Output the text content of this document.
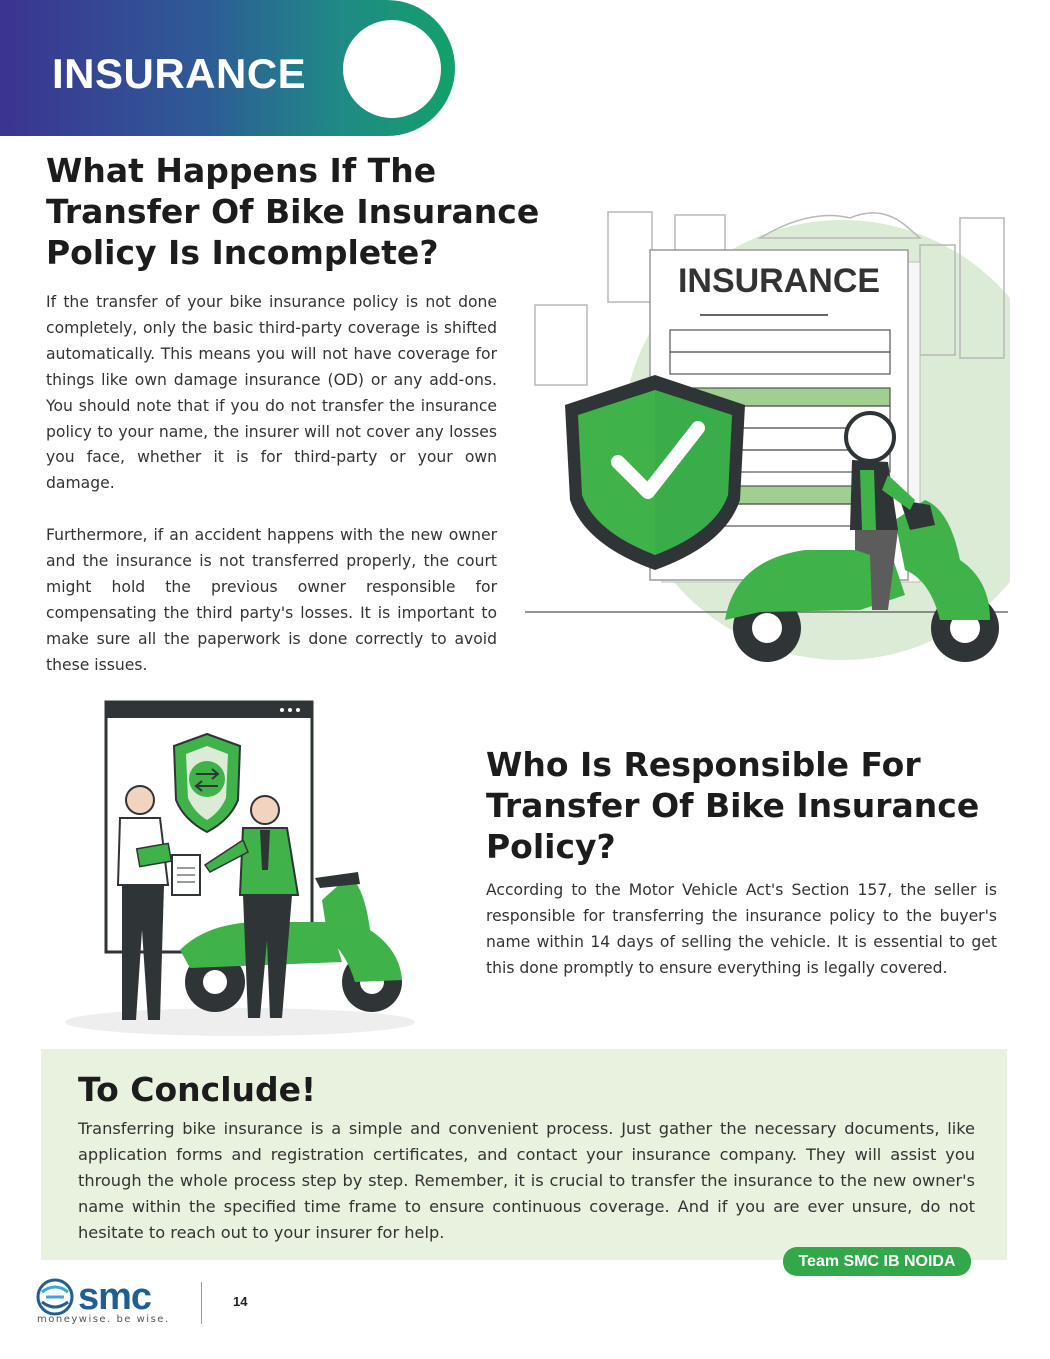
INSURANCE
What Happens If The Transfer Of Bike Insurance Policy Is Incomplete?

If the transfer of your bike insurance policy is not done completely, only the basic third-party coverage is shifted automatically. This means you will not have coverage for things like own damage insurance (OD) or any add-ons. You should note that if you do not transfer the insurance policy to your name, the insurer will not cover any losses you face, whether it is for third-party or your own damage.

Furthermore, if an accident happens with the new owner and the insurance is not transferred properly, the court might hold the previous owner responsible for compensating the third party's losses. It is important to make sure all the paperwork is done correctly to avoid these issues.

INSURANCE
Who Is Responsible For Transfer Of Bike Insurance Policy?

According to the Motor Vehicle Act's Section 157, the seller is responsible for transferring the insurance policy to the buyer's name within 14 days of selling the vehicle. It is essential to get this done promptly to ensure everything is legally covered.

To Conclude!

Transferring bike insurance is a simple and convenient process. Just gather the necessary documents, like application forms and registration certificates, and contact your insurance company. They will assist you through the whole process step by step. Remember, it is crucial to transfer the insurance to the new owner's name within the specified time frame to ensure continuous coverage. And if you are ever unsure, do not hesitate to reach out to your insurer for help.

Team SMC IB NOIDA
smc
moneywise. be wise.
14
